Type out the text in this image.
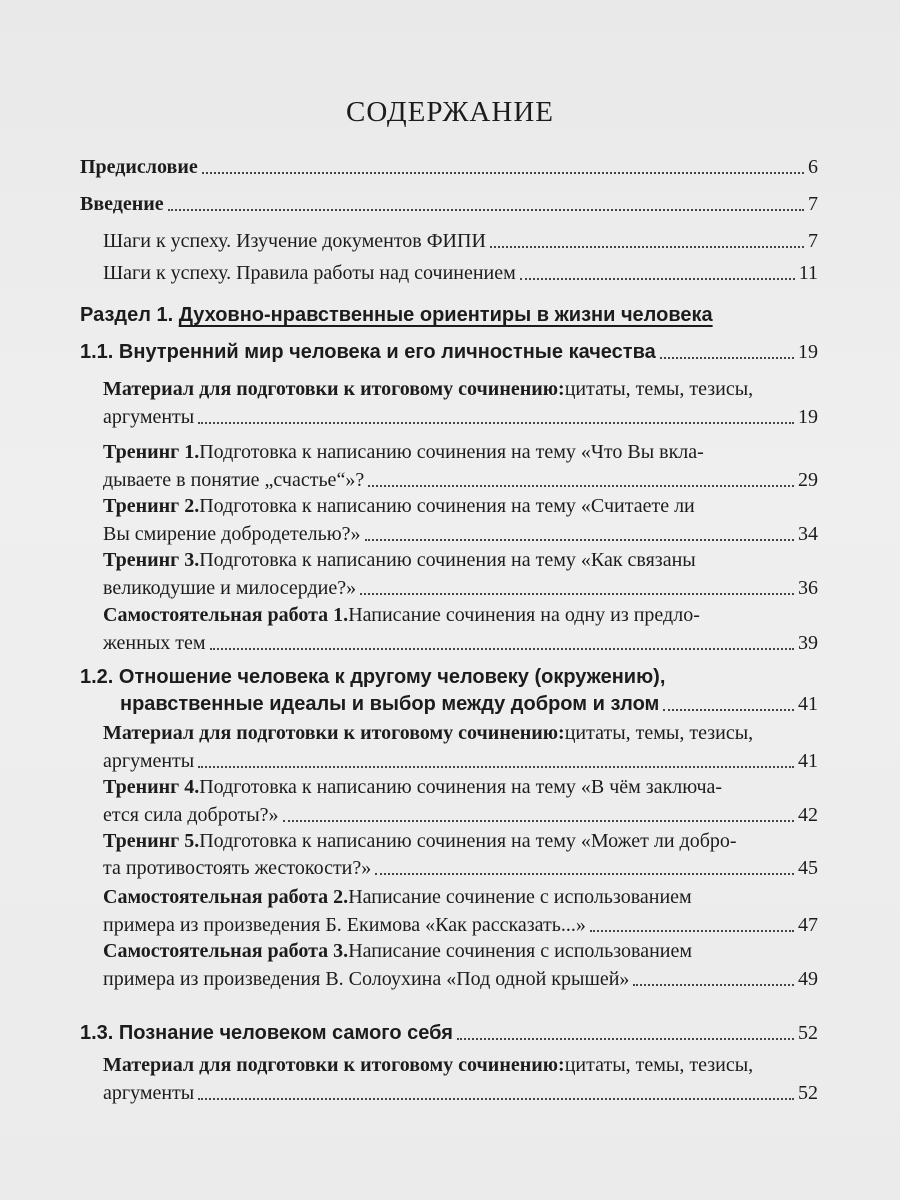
СОДЕРЖАНИЕ
Предисловие	6
Введение	7
Шаги к успеху. Изучение документов ФИПИ	7
Шаги к успеху. Правила работы над сочинением	11
Раздел 1. Духовно-нравственные ориентиры в жизни человека
1.1. Внутренний мир человека и его личностные качества	19
Материал для подготовки к итоговому сочинению:цитаты, темы, тезисы,
аргументы	19
Тренинг 1.Подготовка к написанию сочинения на тему «Что Вы вкла-
дываете в понятие „счастье“»?	29
Тренинг 2.Подготовка к написанию сочинения на тему «Считаете ли
Вы смирение добродетелью?»	34
Тренинг 3.Подготовка к написанию сочинения на тему «Как связаны
великодушие и милосердие?»	36
Самостоятельная работа 1.Написание сочинения на одну из предло-
женных тем	39
1.2. Отношение человека к другому человеку (окружению),
нравственные идеалы и выбор между добром и злом	41
Материал для подготовки к итоговому сочинению:цитаты, темы, тезисы,
аргументы	41
Тренинг 4.Подготовка к написанию сочинения на тему «В чём заключа-
ется сила доброты?»	42
Тренинг 5.Подготовка к написанию сочинения на тему «Может ли добро-
та противостоять жестокости?»	45
Самостоятельная работа 2.Написание сочинение с использованием
примера из произведения Б. Екимова «Как рассказать...»	47
Самостоятельная работа 3.Написание сочинения с использованием
примера из произведения В. Солоухина «Под одной крышей»	49
1.3. Познание человеком самого себя	52
Материал для подготовки к итоговому сочинению:цитаты, темы, тезисы,
аргументы	52
